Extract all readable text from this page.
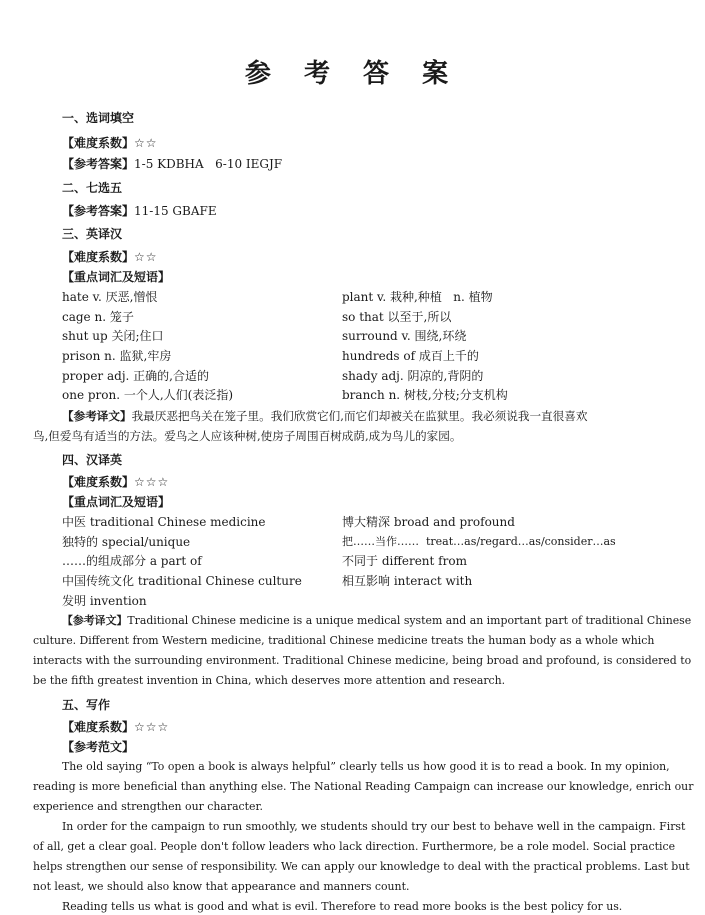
参 考 答 案
一、选词填空
【难度系数】☆☆
【参考答案】1-5 KDBHA   6-10 IEGJF
二、七选五
【参考答案】11-15 GBAFE
三、英译汉
【难度系数】☆☆
【重点词汇及短语】
hate v. 厌恶,憎恨
cage n. 笼子
shut up 关闭;住口
prison n. 监狱,牢房
proper adj. 正确的,合适的
one pron. 一个人,人们(表泛指)
plant v. 栽种,种植   n. 植物
so that 以至于,所以
surround v. 围绕,环绕
hundreds of 成百上千的
shady adj. 阴凉的,背阴的
branch n. 树枝,分枝;分支机构
【参考译文】我最厌恶把鸟关在笼子里。我们欣赏它们,而它们却被关在监狱里。我必须说我一直很喜欢
鸟,但爱鸟有适当的方法。爱鸟之人应该种树,使房子周围百树成荫,成为鸟儿的家园。
四、汉译英
【难度系数】☆☆☆
【重点词汇及短语】
中医 traditional Chinese medicine
独特的 special/unique
……的组成部分 a part of
中国传统文化 traditional Chinese culture
发明 invention
博大精深 broad and profound
把……当作……  treat…as/regard…as/consider…as
不同于 different from
相互影响 interact with
【参考译文】Traditional Chinese medicine is a unique medical system and an important part of traditional Chinese
culture. Different from Western medicine, traditional Chinese medicine treats the human body as a whole which
interacts with the surrounding environment. Traditional Chinese medicine, being broad and profound, is considered to
be the fifth greatest invention in China, which deserves more attention and research.
五、写作
【难度系数】☆☆☆
【参考范文】
The old saying “To open a book is always helpful” clearly tells us how good it is to read a book. In my opinion,
reading is more beneficial than anything else. The National Reading Campaign can increase our knowledge, enrich our
experience and strengthen our character.
In order for the campaign to run smoothly, we students should try our best to behave well in the campaign. First
of all, get a clear goal. People don't follow leaders who lack direction. Furthermore, be a role model. Social practice
helps strengthen our sense of responsibility. We can apply our knowledge to deal with the practical problems. Last but
not least, we should also know that appearance and manners count.
Reading tells us what is good and what is evil. Therefore to read more books is the best policy for us.
